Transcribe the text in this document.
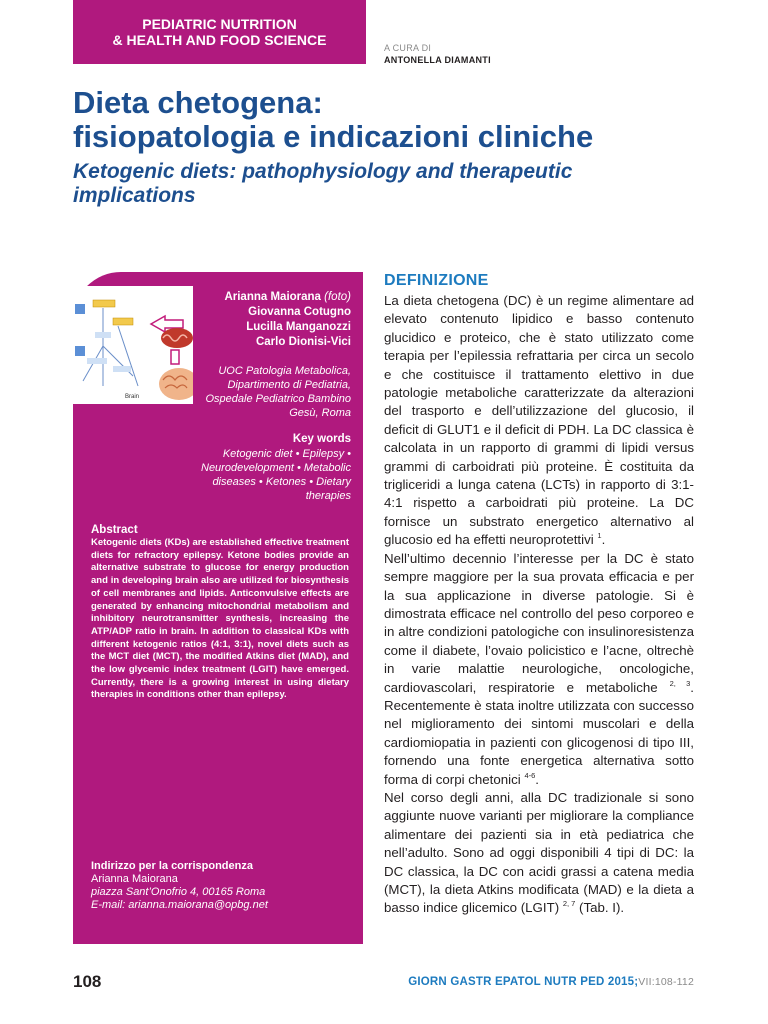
PEDIATRIC NUTRITION
& HEALTH AND FOOD SCIENCE	A CURA DI
ANTONELLA DIAMANTI
Dieta chetogena:
fisiopatologia e indicazioni cliniche
Ketogenic diets: pathophysiology and therapeutic
implications
Brain
Arianna Maiorana (foto)
Giovanna Cotugno
Lucilla Manganozzi
Carlo Dionisi-Vici
UOC Patologia Metabolica,
Dipartimento di Pediatria,
Ospedale Pediatrico Bambino
Gesù, Roma
Key words
Ketogenic diet • Epilepsy •
Neurodevelopment • Metabolic
diseases • Ketones • Dietary
therapies
Abstract
Ketogenic diets (KDs) are established effective treatment diets for refractory epilepsy. Ketone bodies provide an alternative substrate to glucose for energy production and in developing brain also are utilized for biosynthesis of cell membranes and lipids. Anticonvulsive effects are generated by enhancing mitochondrial metabolism and inhibitory neurotransmitter synthesis, increasing the ATP/ADP ratio in brain. In addition to classical KDs with different ketogenic ratios (4:1, 3:1), novel diets such as the MCT diet (MCT), the modified Atkins diet (MAD), and the low glycemic index treatment (LGIT) have emerged. Currently, there is a growing interest in using dietary therapies in conditions other than epilepsy.
Indirizzo per la corrispondenza
Arianna Maiorana
piazza Sant’Onofrio 4, 00165 Roma
E-mail: arianna.maiorana@opbg.net
DEFINIZIONE

La dieta chetogena (DC) è un regime alimentare ad elevato contenuto lipidico e basso contenuto glucidico e proteico, che è stato utilizzato come terapia per l’epilessia refrattaria per circa un secolo e che costituisce il trattamento elettivo in due patologie metaboliche caratterizzate da alterazioni del trasporto e dell’utilizzazione del glucosio, il deficit di GLUT1 e il deficit di PDH. La DC classica è calcolata in un rapporto di grammi di lipidi versus grammi di carboidrati più proteine. È costituita da trigliceridi a lunga catena (LCTs) in rapporto di 3:1-4:1 rispetto a carboidrati più proteine. La DC fornisce un substrato energetico alternativo al glucosio ed ha effetti neuroprotettivi $^1$.

Nell’ultimo decennio l’interesse per la DC è stato sempre maggiore per la sua provata efficacia e per la sua applicazione in diverse patologie. Si è dimostrata efficace nel controllo del peso corporeo e in altre condizioni patologiche con insulinoresistenza come il diabete, l’ovaio policistico e l’acne, oltrechè in varie malattie neurologiche, oncologiche, cardiovascolari, respiratorie e metaboliche $^{2, 3}$. Recentemente è stata inoltre utilizzata con successo nel miglioramento dei sintomi muscolari e della cardiomiopatia in pazienti con glicogenosi di tipo III, fornendo una fonte energetica alternativa sotto forma di corpi chetonici $^{4-6}$.

Nel corso degli anni, alla DC tradizionale si sono aggiunte nuove varianti per migliorare la compliance alimentare dei pazienti sia in età pediatrica che nell’adulto. Sono ad oggi disponibili 4 tipi di DC: la DC classica, la DC con acidi grassi a catena media (MCT), la dieta Atkins modificata (MAD) e la dieta a basso indice glicemico (LGIT) $^{2, 7}$ (Tab. I).

108	GIORN GASTR EPATOL NUTR PED 2015;VII:108-112
